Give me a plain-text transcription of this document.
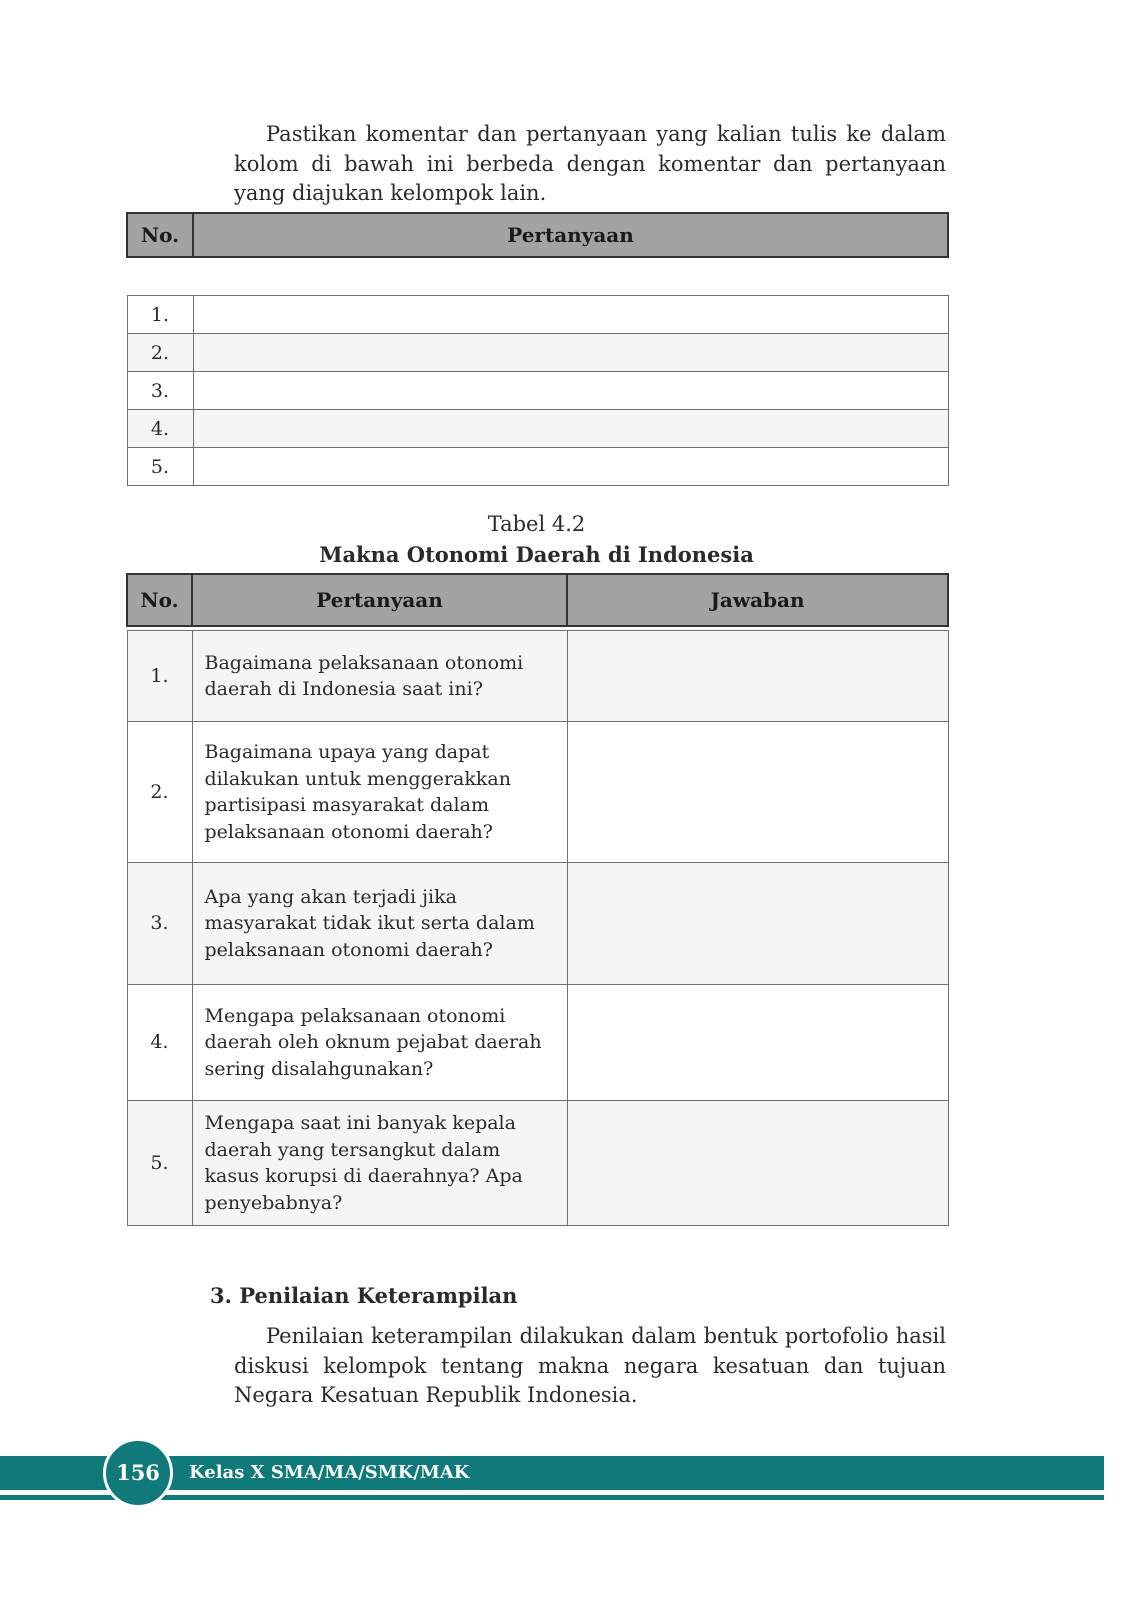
Pastikan komentar dan pertanyaan yang kalian tulis ke dalam kolom di bawah ini berbeda dengan komentar dan pertanyaan yang diajukan kelompok lain.

No.	Pertanyaan

1.	
2.	
3.	
4.	
5.	
Tabel 4.2
Makna Otonomi Daerah di Indonesia
No.	Pertanyaan	Jawaban

1.	Bagaimana pelaksanaan otonomi daerah di Indonesia saat ini?	
2.	Bagaimana upaya yang dapat dilakukan untuk menggerakkan partisipasi masyarakat dalam pelaksanaan otonomi daerah?	
3.	Apa yang akan terjadi jika masyarakat tidak ikut serta dalam pelaksanaan otonomi daerah?	
4.	Mengapa pelaksanaan otonomi daerah oleh oknum pejabat daerah sering disalahgunakan?	
5.	Mengapa saat ini banyak kepala daerah yang tersangkut dalam kasus korupsi di daerahnya? Apa penyebabnya?	
3. Penilaian Keterampilan

Penilaian keterampilan dilakukan dalam bentuk portofolio hasil diskusi kelompok tentang makna negara kesatuan dan tujuan Negara Kesatuan Republik Indonesia.

156	Kelas X SMA/MA/SMK/MAK
